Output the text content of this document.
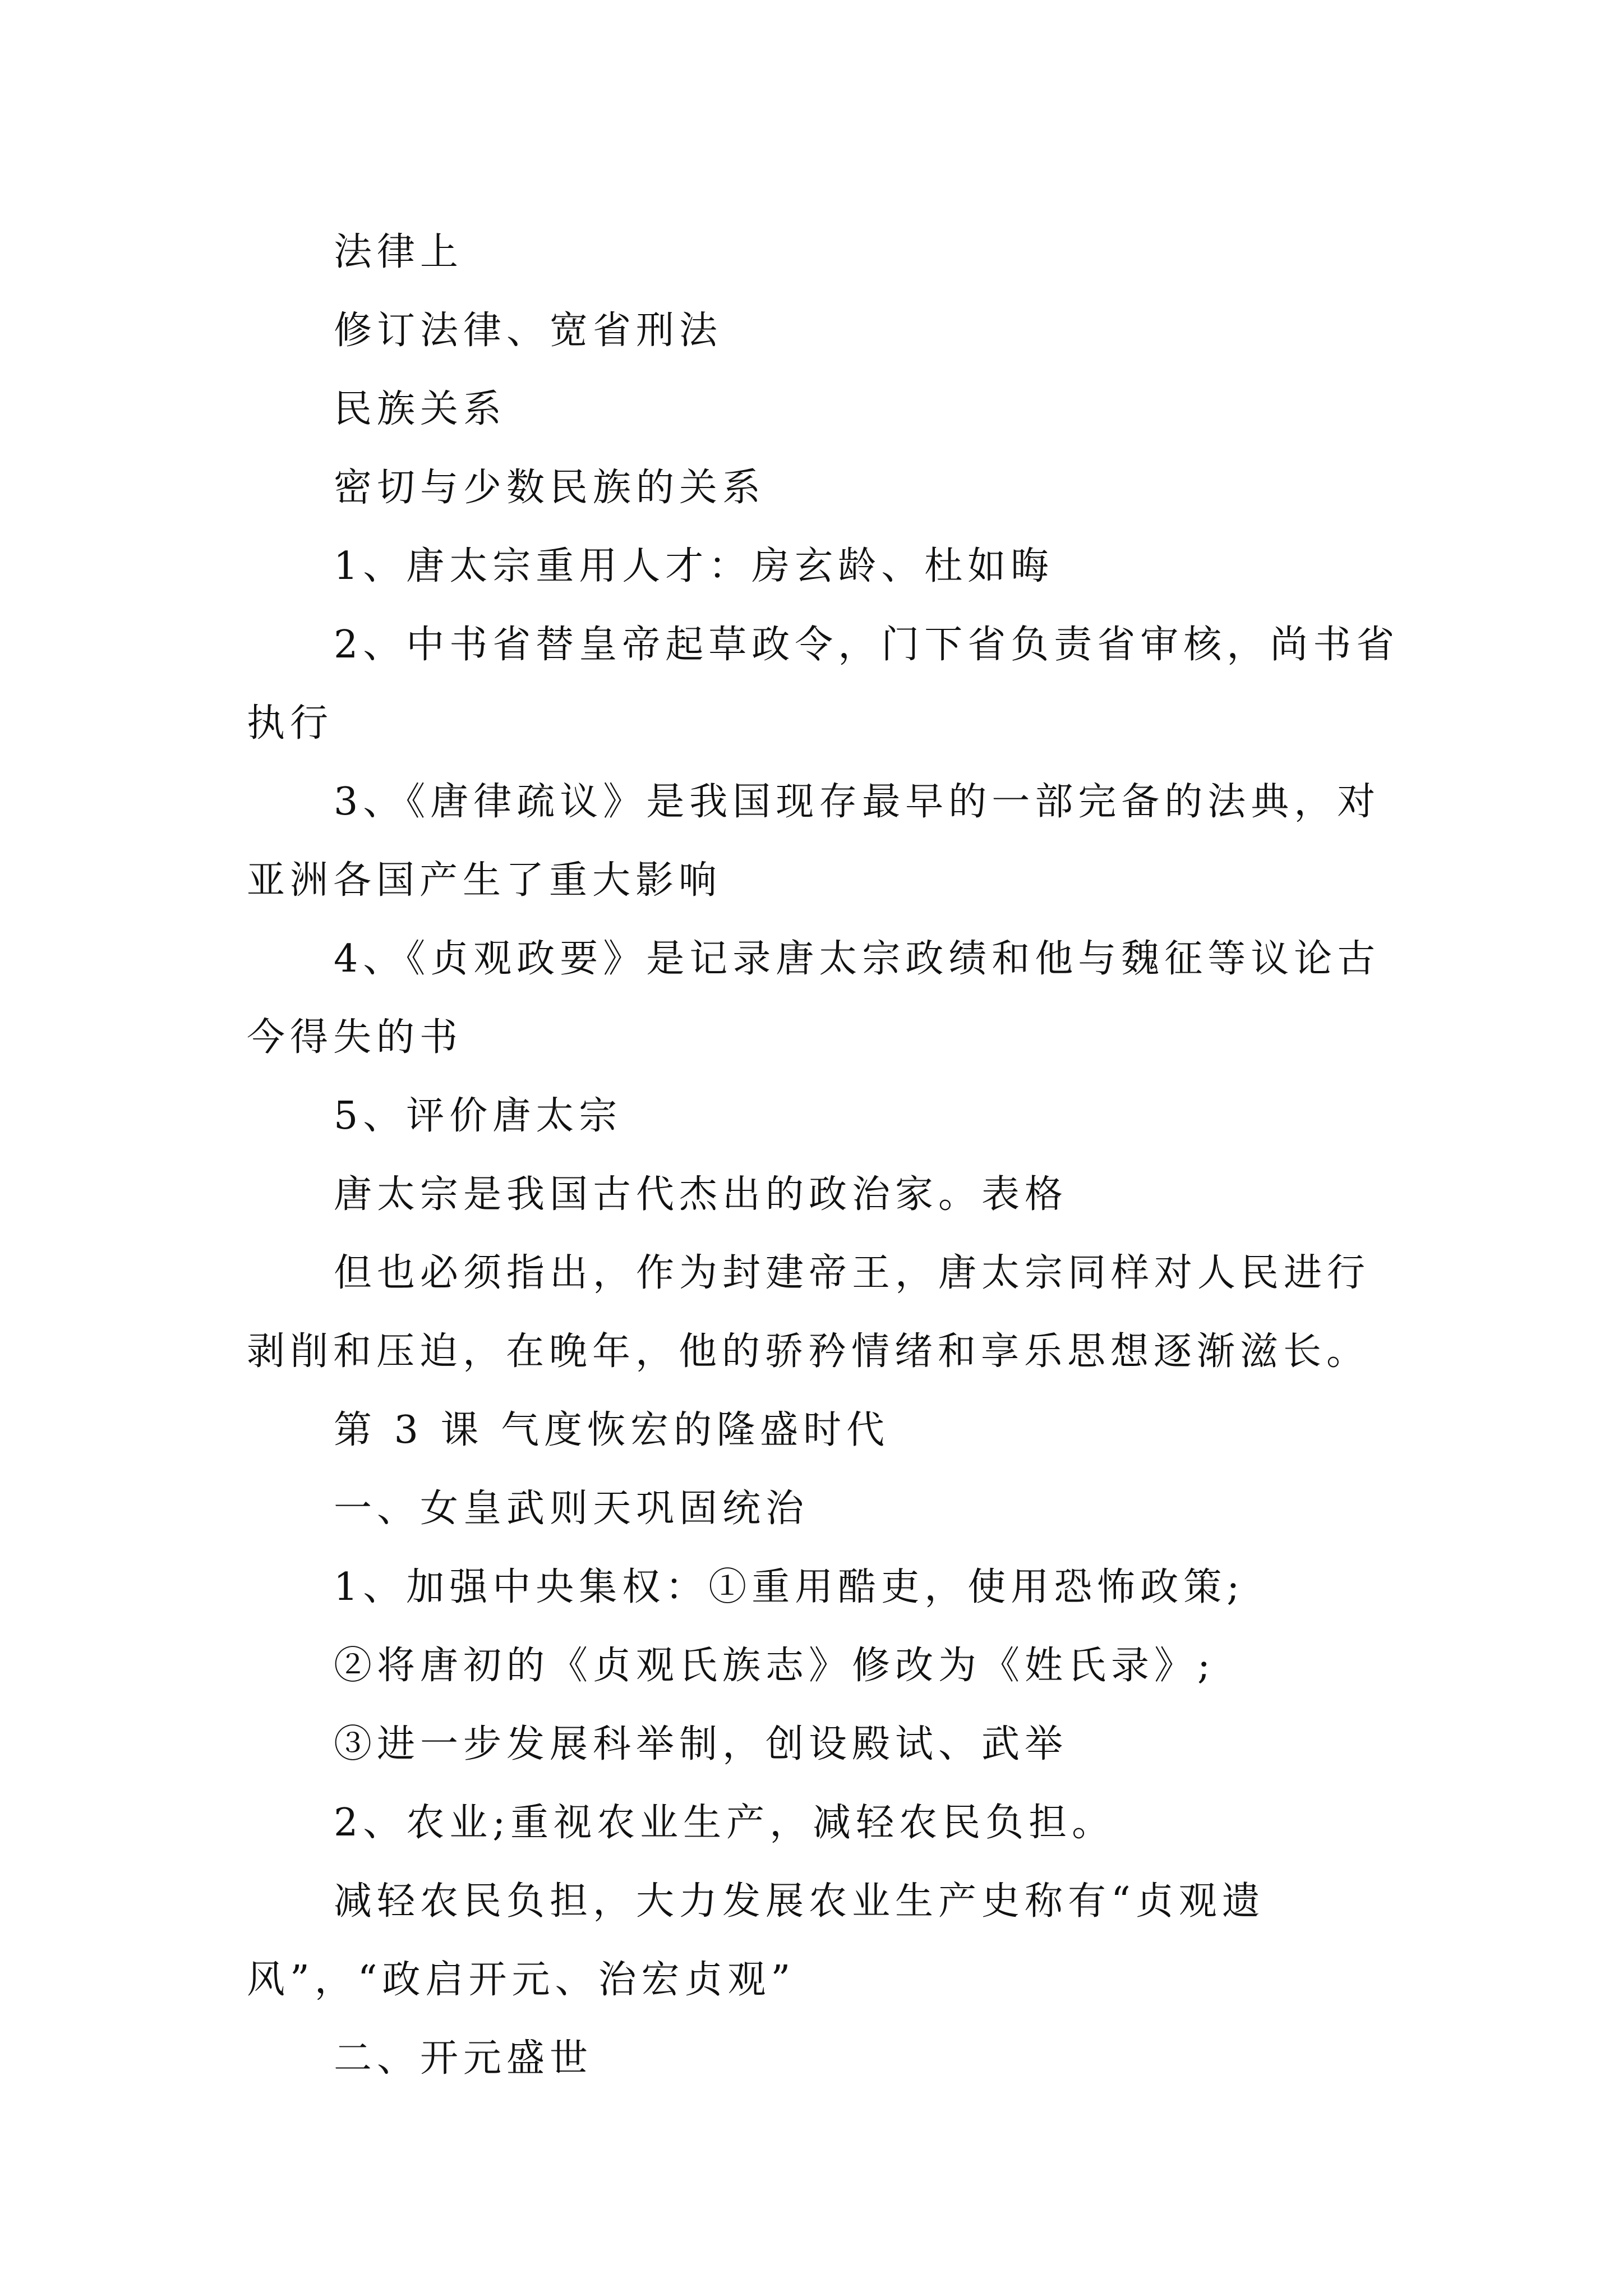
法律上

修订法律、宽省刑法

民族关系

密切与少数民族的关系

1、唐太宗重用人才：房玄龄、杜如晦

2、中书省替皇帝起草政令，门下省负责省审核，尚书省执行

3、《唐律疏议》是我国现存最早的一部完备的法典，对亚洲各国产生了重大影响

4、《贞观政要》是记录唐太宗政绩和他与魏征等议论古今得失的书

5、评价唐太宗

唐太宗是我国古代杰出的政治家。表格

但也必须指出，作为封建帝王，唐太宗同样对人民进行剥削和压迫，在晚年，他的骄矜情绪和享乐思想逐渐滋长。

第 3 课 气度恢宏的隆盛时代

一、女皇武则天巩固统治

1、加强中央集权：①重用酷吏，使用恐怖政策;

②将唐初的《贞观氏族志》修改为《姓氏录》;

③进一步发展科举制，创设殿试、武举

2、农业;重视农业生产，减轻农民负担。

减轻农民负担，大力发展农业生产史称有“贞观遗风”，“政启开元、治宏贞观”

二、开元盛世
